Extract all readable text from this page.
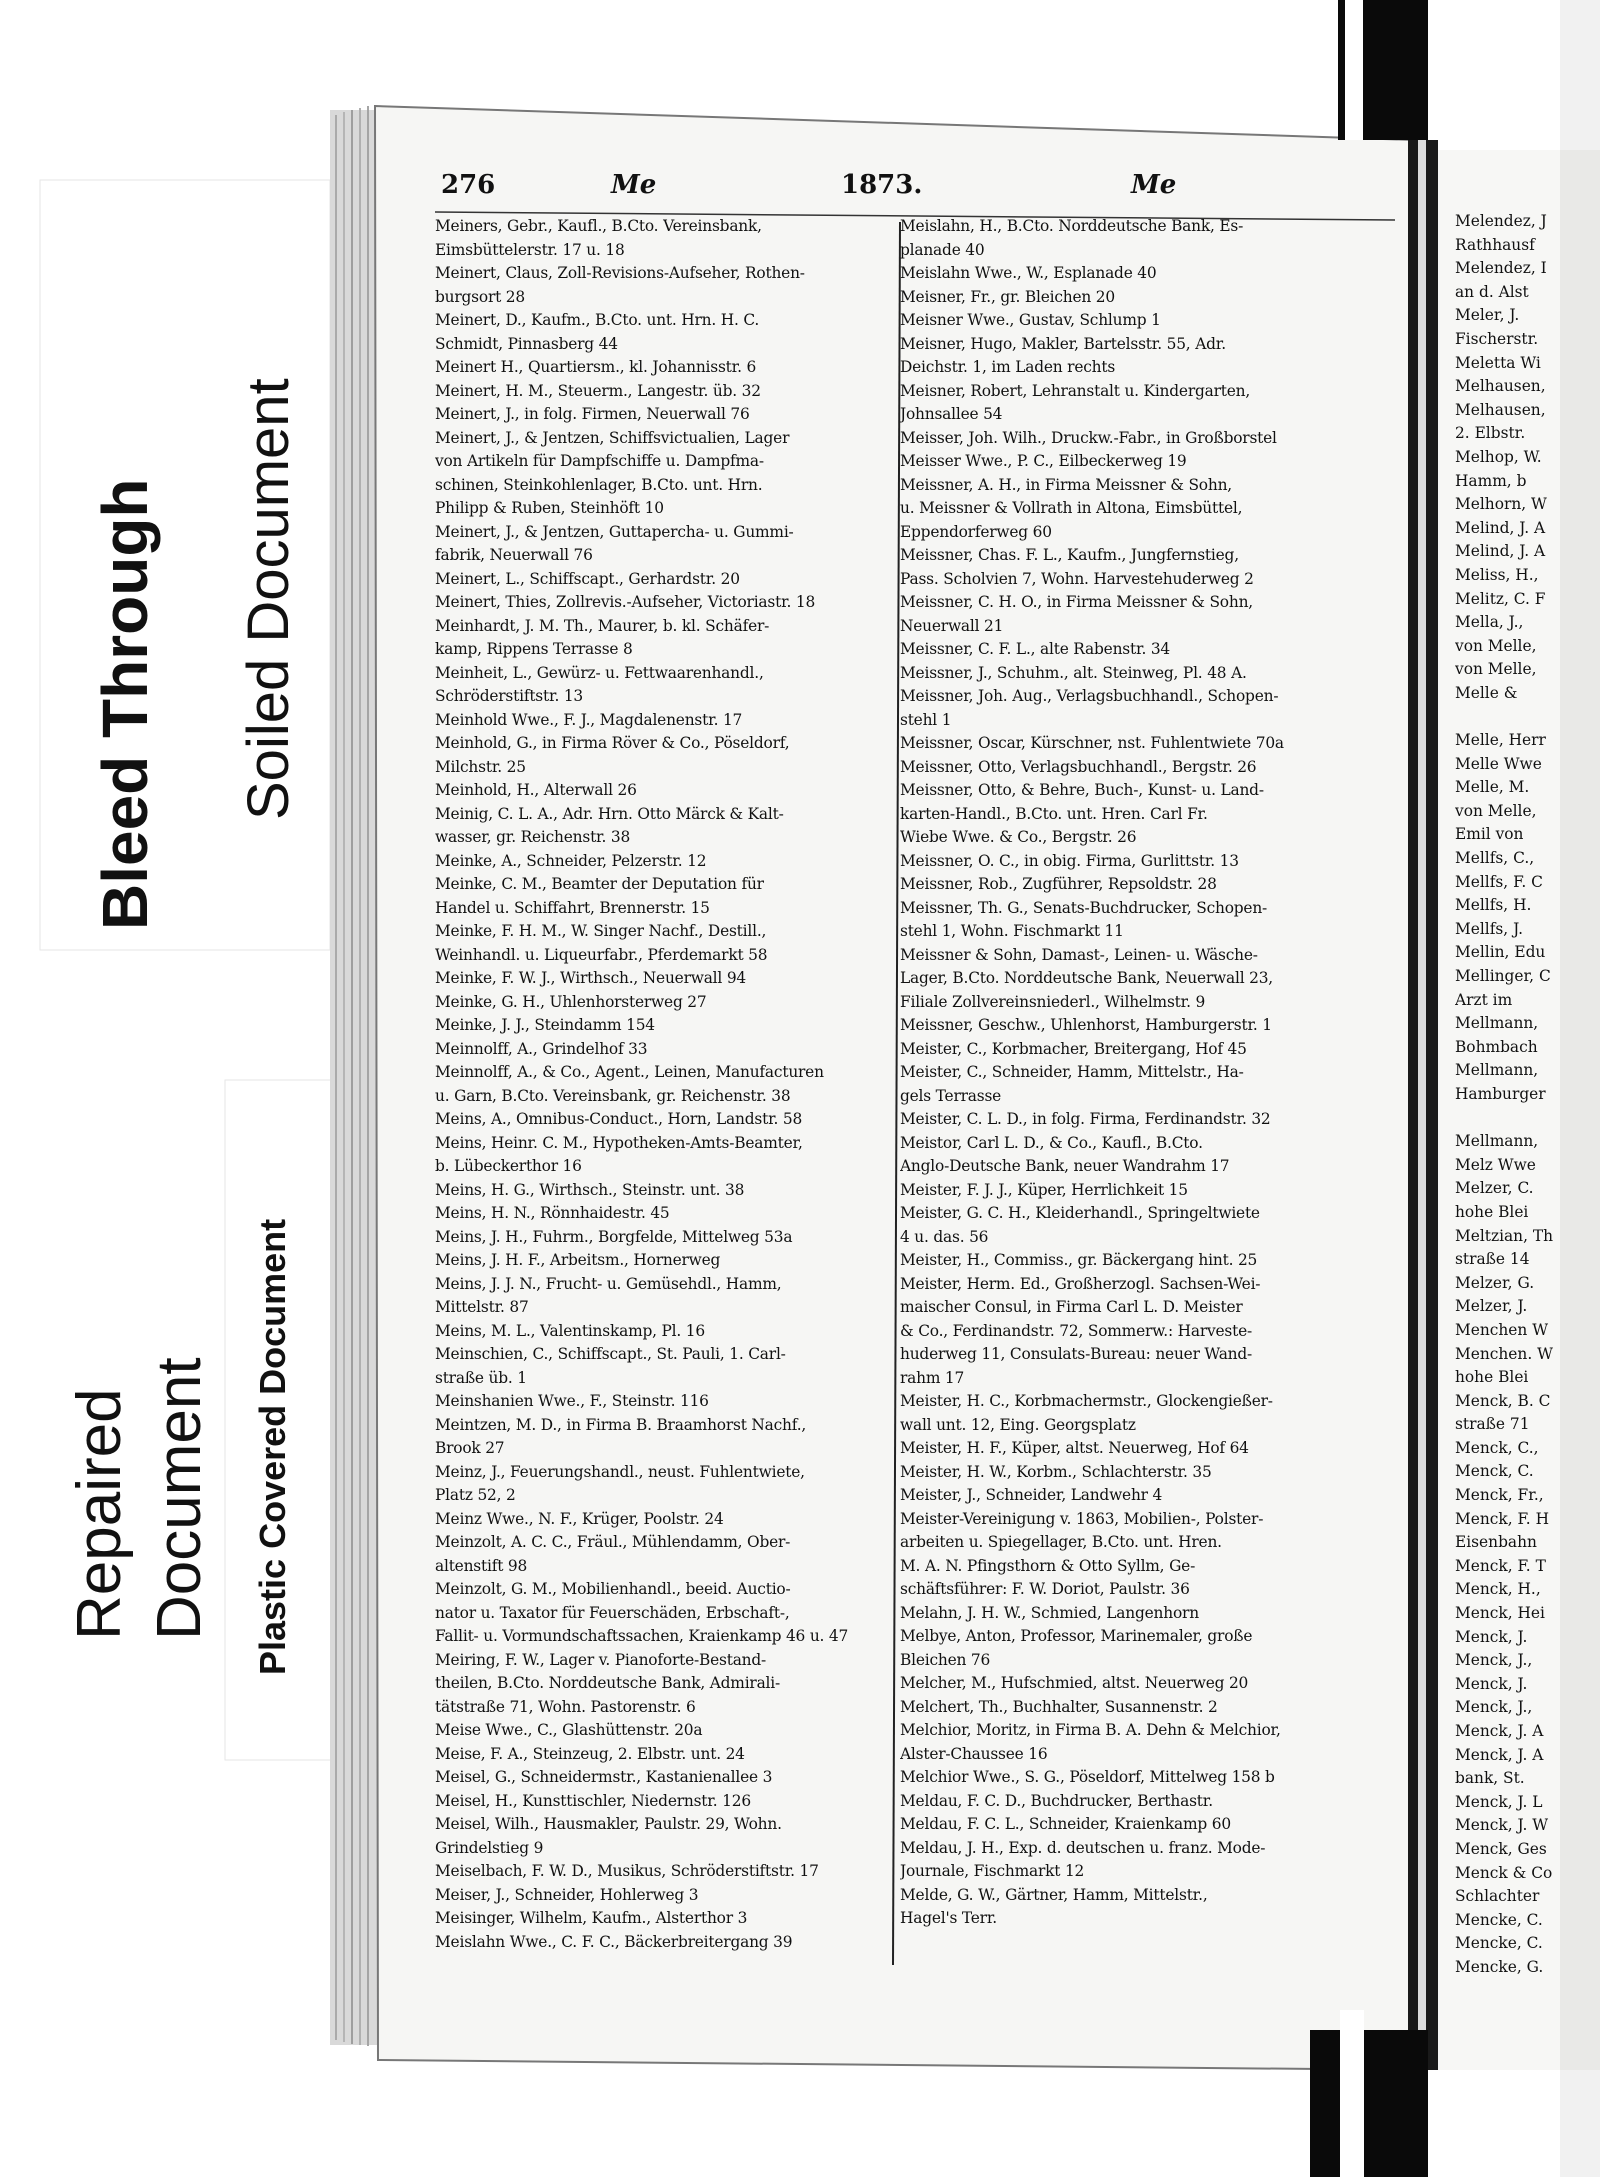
Bleed Through Soiled Document
Plastic Covered Document
Repaired Document
276	Me	1873.	Me
Meiners, Gebr., Kaufl., B.Cto. Vereinsbank,
Eimsbüttelerstr. 17 u. 18
Meinert, Claus, Zoll-Revisions-Aufseher, Rothen-
burgsort 28
Meinert, D., Kaufm., B.Cto. unt. Hrn. H. C.
Schmidt, Pinnasberg 44
Meinert H., Quartiersm., kl. Johannisstr. 6
Meinert, H. M., Steuerm., Langestr. üb. 32
Meinert, J., in folg. Firmen, Neuerwall 76
Meinert, J., & Jentzen, Schiffsvictualien, Lager
von Artikeln für Dampfschiffe u. Dampfma-
schinen, Steinkohlenlager, B.Cto. unt. Hrn.
Philipp & Ruben, Steinhöft 10
Meinert, J., & Jentzen, Guttapercha- u. Gummi-
fabrik, Neuerwall 76
Meinert, L., Schiffscapt., Gerhardstr. 20
Meinert, Thies, Zollrevis.-Aufseher, Victoriastr. 18
Meinhardt, J. M. Th., Maurer, b. kl. Schäfer-
kamp, Rippens Terrasse 8
Meinheit, L., Gewürz- u. Fettwaarenhandl.,
Schröderstiftstr. 13
Meinhold Wwe., F. J., Magdalenenstr. 17
Meinhold, G., in Firma Röver & Co., Pöseldorf,
Milchstr. 25
Meinhold, H., Alterwall 26
Meinig, C. L. A., Adr. Hrn. Otto Märck & Kalt-
wasser, gr. Reichenstr. 38
Meinke, A., Schneider, Pelzerstr. 12
Meinke, C. M., Beamter der Deputation für
Handel u. Schiffahrt, Brennerstr. 15
Meinke, F. H. M., W. Singer Nachf., Destill.,
Weinhandl. u. Liqueurfabr., Pferdemarkt 58
Meinke, F. W. J., Wirthsch., Neuerwall 94
Meinke, G. H., Uhlenhorsterweg 27
Meinke, J. J., Steindamm 154
Meinnolff, A., Grindelhof 33
Meinnolff, A., & Co., Agent., Leinen, Manufacturen
u. Garn, B.Cto. Vereinsbank, gr. Reichenstr. 38
Meins, A., Omnibus-Conduct., Horn, Landstr. 58
Meins, Heinr. C. M., Hypotheken-Amts-Beamter,
b. Lübeckerthor 16
Meins, H. G., Wirthsch., Steinstr. unt. 38
Meins, H. N., Rönnhaidestr. 45
Meins, J. H., Fuhrm., Borgfelde, Mittelweg 53a
Meins, J. H. F., Arbeitsm., Hornerweg
Meins, J. J. N., Frucht- u. Gemüsehdl., Hamm,
Mittelstr. 87
Meins, M. L., Valentinskamp, Pl. 16
Meinschien, C., Schiffscapt., St. Pauli, 1. Carl-
straße üb. 1
Meinshanien Wwe., F., Steinstr. 116
Meintzen, M. D., in Firma B. Braamhorst Nachf.,
Brook 27
Meinz, J., Feuerungshandl., neust. Fuhlentwiete,
Platz 52, 2
Meinz Wwe., N. F., Krüger, Poolstr. 24
Meinzolt, A. C. C., Fräul., Mühlendamm, Ober-
altenstift 98
Meinzolt, G. M., Mobilienhandl., beeid. Auctio-
nator u. Taxator für Feuerschäden, Erbschaft-,
Fallit- u. Vormundschaftssachen, Kraienkamp 46 u. 47
Meiring, F. W., Lager v. Pianoforte-Bestand-
theilen, B.Cto. Norddeutsche Bank, Admirali-
tätstraße 71, Wohn. Pastorenstr. 6
Meise Wwe., C., Glashüttenstr. 20a
Meise, F. A., Steinzeug, 2. Elbstr. unt. 24
Meisel, G., Schneidermstr., Kastanienallee 3
Meisel, H., Kunsttischler, Niedernstr. 126
Meisel, Wilh., Hausmakler, Paulstr. 29, Wohn.
Grindelstieg 9
Meiselbach, F. W. D., Musikus, Schröderstiftstr. 17
Meiser, J., Schneider, Hohlerweg 3
Meisinger, Wilhelm, Kaufm., Alsterthor 3
Meislahn Wwe., C. F. C., Bäckerbreitergang 39
Meislahn, H., B.Cto. Norddeutsche Bank, Es-
planade 40
Meislahn Wwe., W., Esplanade 40
Meisner, Fr., gr. Bleichen 20
Meisner Wwe., Gustav, Schlump 1
Meisner, Hugo, Makler, Bartelsstr. 55, Adr.
Deichstr. 1, im Laden rechts
Meisner, Robert, Lehranstalt u. Kindergarten,
Johnsallee 54
Meisser, Joh. Wilh., Druckw.-Fabr., in Großborstel
Meisser Wwe., P. C., Eilbeckerweg 19
Meissner, A. H., in Firma Meissner & Sohn,
u. Meissner & Vollrath in Altona, Eimsbüttel,
Eppendorferweg 60
Meissner, Chas. F. L., Kaufm., Jungfernstieg,
Pass. Scholvien 7, Wohn. Harvestehuderweg 2
Meissner, C. H. O., in Firma Meissner & Sohn,
Neuerwall 21
Meissner, C. F. L., alte Rabenstr. 34
Meissner, J., Schuhm., alt. Steinweg, Pl. 48 A.
Meissner, Joh. Aug., Verlagsbuchhandl., Schopen-
stehl 1
Meissner, Oscar, Kürschner, nst. Fuhlentwiete 70a
Meissner, Otto, Verlagsbuchhandl., Bergstr. 26
Meissner, Otto, & Behre, Buch-, Kunst- u. Land-
karten-Handl., B.Cto. unt. Hren. Carl Fr.
Wiebe Wwe. & Co., Bergstr. 26
Meissner, O. C., in obig. Firma, Gurlittstr. 13
Meissner, Rob., Zugführer, Repsoldstr. 28
Meissner, Th. G., Senats-Buchdrucker, Schopen-
stehl 1, Wohn. Fischmarkt 11
Meissner & Sohn, Damast-, Leinen- u. Wäsche-
Lager, B.Cto. Norddeutsche Bank, Neuerwall 23,
Filiale Zollvereinsniederl., Wilhelmstr. 9
Meissner, Geschw., Uhlenhorst, Hamburgerstr. 1
Meister, C., Korbmacher, Breitergang, Hof 45
Meister, C., Schneider, Hamm, Mittelstr., Ha-
gels Terrasse
Meister, C. L. D., in folg. Firma, Ferdinandstr. 32
Meistor, Carl L. D., & Co., Kaufl., B.Cto.
Anglo-Deutsche Bank, neuer Wandrahm 17
Meister, F. J. J., Küper, Herrlichkeit 15
Meister, G. C. H., Kleiderhandl., Springeltwiete
4 u. das. 56
Meister, H., Commiss., gr. Bäckergang hint. 25
Meister, Herm. Ed., Großherzogl. Sachsen-Wei-
maischer Consul, in Firma Carl L. D. Meister
& Co., Ferdinandstr. 72, Sommerw.: Harveste-
huderweg 11, Consulats-Bureau: neuer Wand-
rahm 17
Meister, H. C., Korbmachermstr., Glockengießer-
wall unt. 12, Eing. Georgsplatz
Meister, H. F., Küper, altst. Neuerweg, Hof 64
Meister, H. W., Korbm., Schlachterstr. 35
Meister, J., Schneider, Landwehr 4
Meister-Vereinigung v. 1863, Mobilien-, Polster-
arbeiten u. Spiegellager, B.Cto. unt. Hren.
M. A. N. Pfingsthorn & Otto Syllm, Ge-
schäftsführer: F. W. Doriot, Paulstr. 36
Melahn, J. H. W., Schmied, Langenhorn
Melbye, Anton, Professor, Marinemaler, große
Bleichen 76
Melcher, M., Hufschmied, altst. Neuerweg 20
Melchert, Th., Buchhalter, Susannenstr. 2
Melchior, Moritz, in Firma B. A. Dehn & Melchior,
Alster-Chaussee 16
Melchior Wwe., S. G., Pöseldorf, Mittelweg 158 b
Meldau, F. C. D., Buchdrucker, Berthastr.
Meldau, F. C. L., Schneider, Kraienkamp 60
Meldau, J. H., Exp. d. deutschen u. franz. Mode-
Journale, Fischmarkt 12
Melde, G. W., Gärtner, Hamm, Mittelstr.,
Hagel's Terr.
Melendez, J
Rathhausf
Melendez, I
an d. Alst
Meler, J.
Fischerstr.
Meletta Wi
Melhausen,
Melhausen,
2. Elbstr.
Melhop, W.
Hamm, b
Melhorn, W
Melind, J. A
Melind, J. A
Meliss, H.,
Melitz, C. F
Mella, J.,
von Melle,
von Melle,
Melle &
Melle, Herr
Melle Wwe
Melle, M.
von Melle,
Emil von
Mellfs, C.,
Mellfs, F. C
Mellfs, H.
Mellfs, J.
Mellin, Edu
Mellinger, C
Arzt im
Mellmann,
Bohmbach
Mellmann,
Hamburger
Mellmann,
Melz Wwe
Melzer, C.
hohe Blei
Meltzian, Th
straße 14
Melzer, G.
Melzer, J.
Menchen W
Menchen. W
hohe Blei
Menck, B. C
straße 71
Menck, C.,
Menck, C.
Menck, Fr.,
Menck, F. H
Eisenbahn
Menck, F. T
Menck, H.,
Menck, Hei
Menck, J.
Menck, J.,
Menck, J.
Menck, J.,
Menck, J. A
Menck, J. A
bank, St.
Menck, J. L
Menck, J. W
Menck, Ges
Menck & Co
Schlachter
Mencke, C.
Mencke, C.
Mencke, G.
